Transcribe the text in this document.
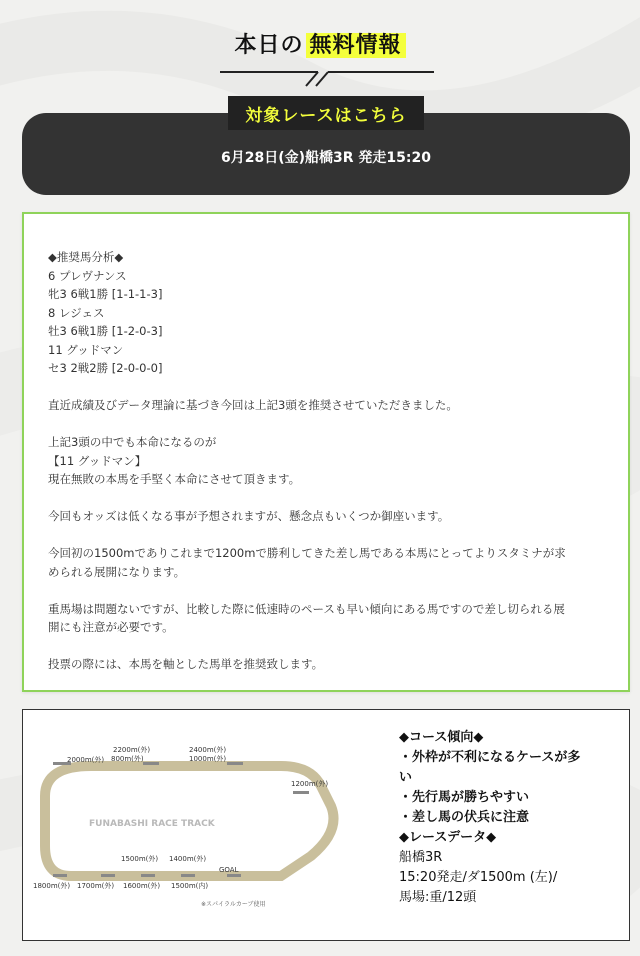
本日の 無料情報
対象レースはこちら
6月28日(金)船橋3R 発走15:20

◆推奨馬分析◆

6 プレヴナンス

牝3 6戦1勝 [1-1-1-3]

8 レジェス

牡3 6戦1勝 [1-2-0-3]

11 グッドマン

セ3 2戦2勝 [2-0-0-0]

直近成績及びデータ理論に基づき今回は上記3頭を推奨させていただきました。

上記3頭の中でも本命になるのが

【11 グッドマン】

現在無敗の本馬を手堅く本命にさせて頂きます。

今回もオッズは低くなる事が予想されますが、懸念点もいくつか御座います。

今回初の1500mでありこれまで1200mで勝利してきた差し馬である本馬にとってよりスタミナが求

められる展開になります。

重馬場は問題ないですが、比較した際に低速時のペースも早い傾向にある馬ですので差し切られる展

開にも注意が必要です。

投票の際には、本馬を軸とした馬単を推奨致します。

2000m(外)
2200m(外)
800m(外)
2400m(外)
1000m(外)
1200m(外)
1500m(外) 1400m(外)
1800m(外) 1700m(外) 1600m(外) 1500m(内)
GOAL
FUNABASHI RACE TRACK
※スパイラルカーブ使用

◆コース傾向◆

・外枠が不利になるケースが多

い

・先行馬が勝ちやすい

・差し馬の伏兵に注意

◆レースデータ◆

船橋3R

15:20発走/ダ1500m (左)/

馬場:重/12頭
